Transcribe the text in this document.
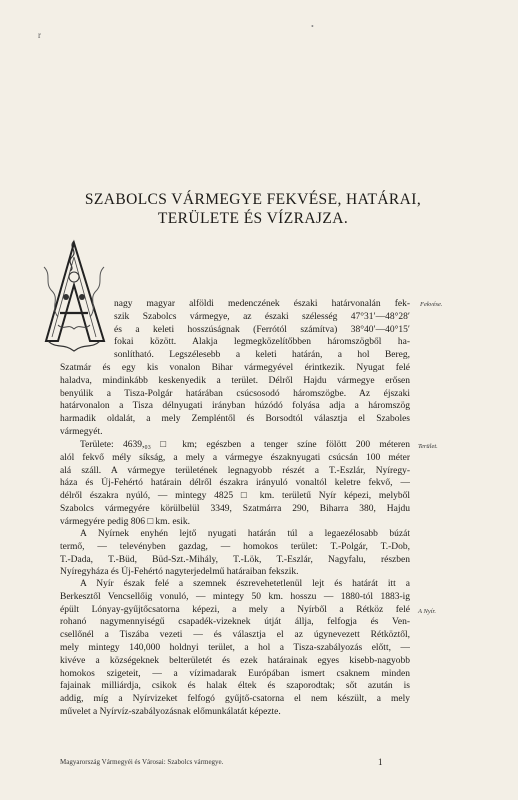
r
•
SZABOLCS VÁRMEGYE FEKVÉSE, HATÁRAI,
TERÜLETE ÉS VÍZRAJZA.
nagy magyar alföldi medenczének északi határvonalán fek-
szik Szabolcs vármegye, az északi szélesség 47°31′—48°28′
és a keleti hosszúságnak (Ferrótól számítva) 38°40′—40°15′
fokai között. Alakja legmegközelítőbben háromszögből ha-
sonlítható. Legszélesebb a keleti határán, a hol Bereg,
Szatmár és egy kis vonalon Bihar vármegyével érintkezik. Nyugat felé
haladva, mindinkább keskenyedik a terület. Délről Hajdu vármegye erősen
benyúlik a Tisza-Polgár határában csúcsosodó háromszögbe. Az éjszaki
határvonalon a Tisza délnyugati irányban húzódó folyása adja a háromszög
harmadik oldalát, a mely Zempléntől és Borsodtól választja el Szaboles
vármegyét.
Területe: 4639,₀₃ □ km; egészben a tenger színe fölött 200 méteren
alól fekvő mély síkság, a mely a vármegye északnyugati csúcsán 100 méter
alá száll. A vármegye területének legnagyobb részét a T.-Eszlár, Nyíregy-
háza és Új-Fehértó határain délről északra irányuló vonaltól keletre fekvő, —
délről északra nyúló, — mintegy 4825 □ km. területű Nyír képezi, melyből
Szabolcs vármegyére körülbelül 3349, Szatmárra 290, Biharra 380, Hajdu
vármegyére pedig 806 □ km. esik.
A Nyírnek enyhén lejtő nyugati határán túl a legaezélosabb búzát
termő, — televényben gazdag, — homokos terület: T.-Polgár, T.-Dob,
T.-Dada, T.-Büd, Büd-Szt.-Mihály, T.-Lök, T.-Eszlár, Nagyfalu, részben
Nyíregyháza és Új-Fehértó nagyterjedelmű határaiban fekszik.
A Nyír észak felé a szemnek észrevehetetlenül lejt és határát itt a
Berkesztől Vencsellőig vonuló, — mintegy 50 km. hosszu — 1880-tól 1883-ig
épült Lónyay-gyűjtőcsatorna képezi, a mely a Nyírből a Rétköz felé
rohanó nagymennyiségű csapadék-vizeknek útját állja, felfogja és Ven-
csellőnél a Tiszába vezeti — és választja el az úgynevezett Rétköztől,
mely mintegy 140,000 holdnyi terület, a hol a Tisza-szabályozás előtt, —
kivéve a községeknek belterületét és ezek határainak egyes kisebb-nagyobb
homokos szigeteit, — a vízimadarak Európában ismert csaknem minden
fajainak milliárdja, csikok és halak éltek és szaporodtak; sőt azután is
addig, míg a Nyírvizeket felfogó gyűjtő-csatorna el nem készült, a mely
művelet a Nyírvíz-szabályozásnak előmunkálatát képezte.
Fekvése.
Terület.
A Nyír.
Magyarország Vármegyéi és Városai: Szabolcs vármegye.	1
